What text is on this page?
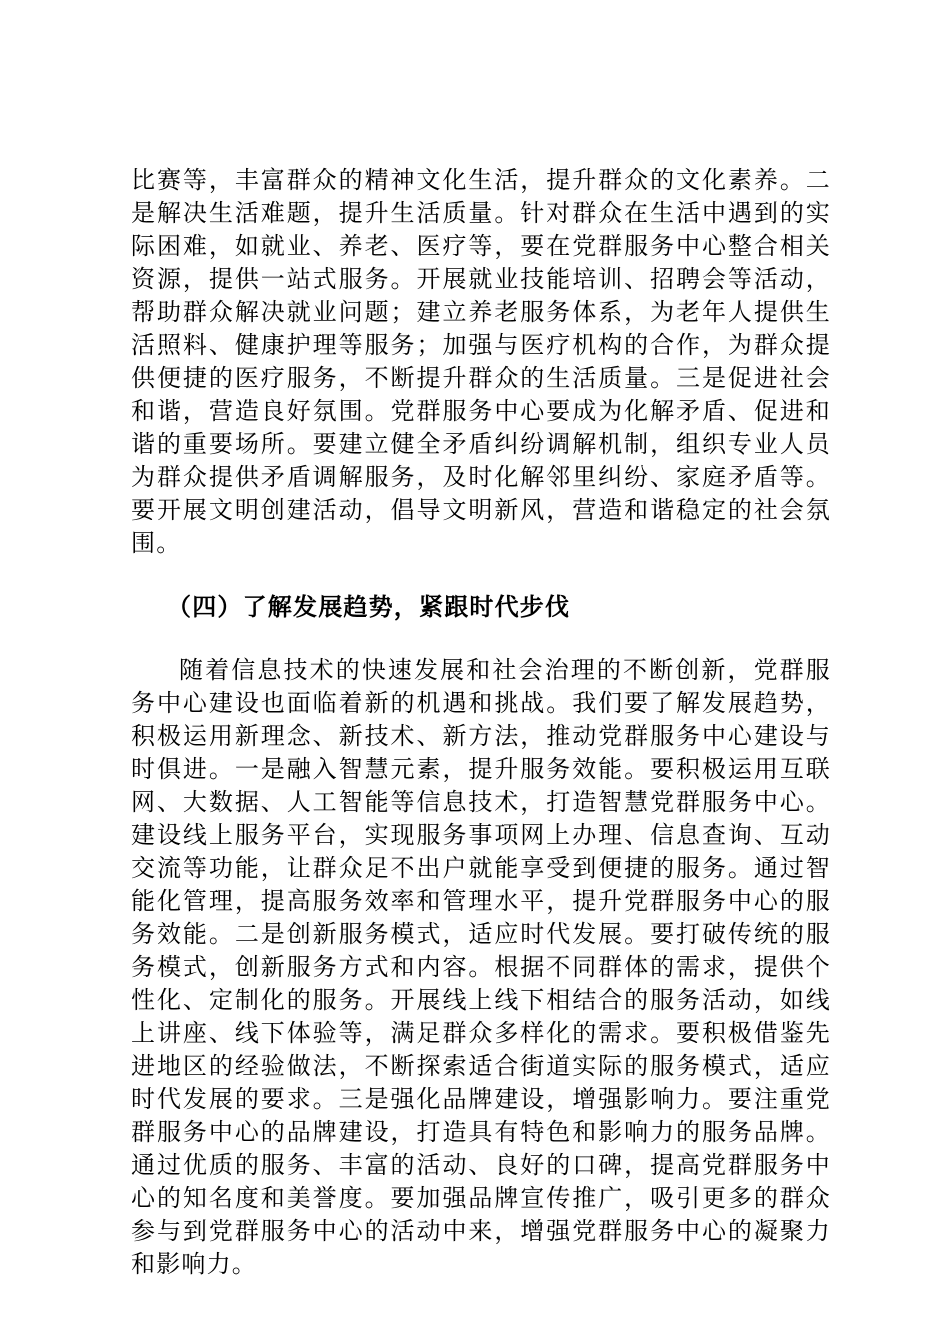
比赛等，丰富群众的精神文化生活，提升群众的文化素养。二是解决生活难题，提升生活质量。针对群众在生活中遇到的实际困难，如就业、养老、医疗等，要在党群服务中心整合相关资源，提供一站式服务。开展就业技能培训、招聘会等活动，帮助群众解决就业问题；建立养老服务体系，为老年人提供生活照料、健康护理等服务；加强与医疗机构的合作，为群众提供便捷的医疗服务，不断提升群众的生活质量。三是促进社会和谐，营造良好氛围。党群服务中心要成为化解矛盾、促进和谐的重要场所。要建立健全矛盾纠纷调解机制，组织专业人员为群众提供矛盾调解服务，及时化解邻里纠纷、家庭矛盾等。要开展文明创建活动，倡导文明新风，营造和谐稳定的社会氛围。

（四）了解发展趋势，紧跟时代步伐

随着信息技术的快速发展和社会治理的不断创新，党群服务中心建设也面临着新的机遇和挑战。我们要了解发展趋势，积极运用新理念、新技术、新方法，推动党群服务中心建设与时俱进。一是融入智慧元素，提升服务效能。要积极运用互联网、大数据、人工智能等信息技术，打造智慧党群服务中心。建设线上服务平台，实现服务事项网上办理、信息查询、互动交流等功能，让群众足不出户就能享受到便捷的服务。通过智能化管理，提高服务效率和管理水平，提升党群服务中心的服务效能。二是创新服务模式，适应时代发展。要打破传统的服务模式，创新服务方式和内容。根据不同群体的需求，提供个性化、定制化的服务。开展线上线下相结合的服务活动，如线上讲座、线下体验等，满足群众多样化的需求。要积极借鉴先进地区的经验做法，不断探索适合街道实际的服务模式，适应时代发展的要求。三是强化品牌建设，增强影响力。要注重党群服务中心的品牌建设，打造具有特色和影响力的服务品牌。通过优质的服务、丰富的活动、良好的口碑，提高党群服务中心的知名度和美誉度。要加强品牌宣传推广，吸引更多的群众参与到党群服务中心的活动中来，增强党群服务中心的凝聚力和影响力。
